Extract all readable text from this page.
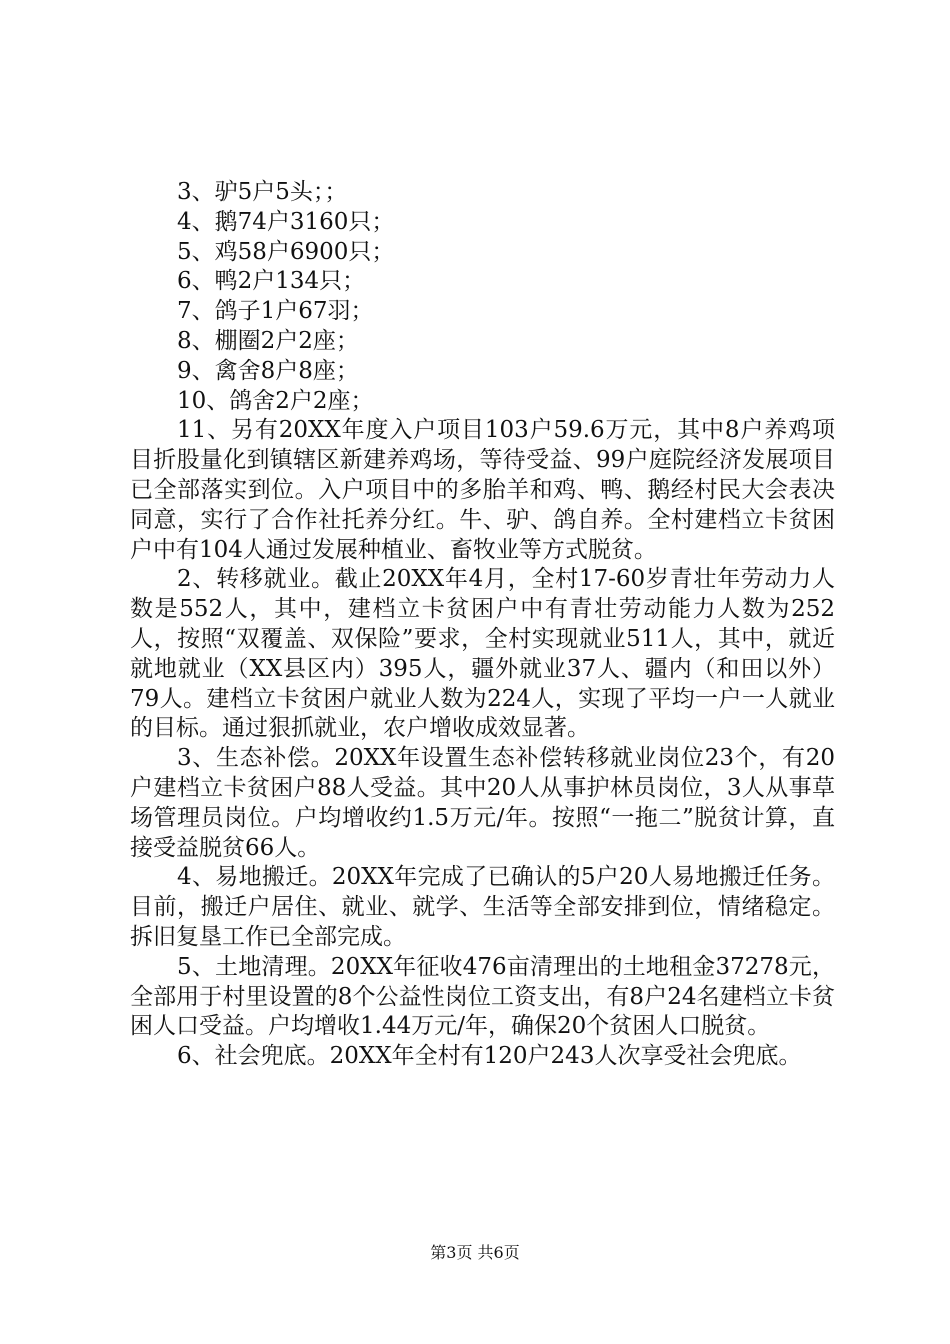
3、驴5户5头；；

4、鹅74户3160只；

5、鸡58户6900只；

6、鸭2户134只；

7、鸽子1户67羽；

8、棚圈2户2座；

9、禽舍8户8座；

10、鸽舍2户2座；

11、另有20XX年度入户项目103户59.6万元，其中8户养鸡项目折股量化到镇辖区新建养鸡场，等待受益、99户庭院经济发展项目已全部落实到位。入户项目中的多胎羊和鸡、鸭、鹅经村民大会表决同意，实行了合作社托养分红。牛、驴、鸽自养。全村建档立卡贫困户中有104人通过发展种植业、畜牧业等方式脱贫。

2、转移就业。截止20XX年4月，全村17-60岁青壮年劳动力人数是552人，其中，建档立卡贫困户中有青壮劳动能力人数为252人，按照“双覆盖、双保险”要求，全村实现就业511人，其中，就近就地就业（XX县区内）395人，疆外就业37人、疆内（和田以外）79人。建档立卡贫困户就业人数为224人，实现了平均一户一人就业的目标。通过狠抓就业，农户增收成效显著。

3、生态补偿。20XX年设置生态补偿转移就业岗位23个，有20户建档立卡贫困户88人受益。其中20人从事护林员岗位，3人从事草场管理员岗位。户均增收约1.5万元/年。按照“一拖二”脱贫计算，直接受益脱贫66人。

4、易地搬迁。20XX年完成了已确认的5户20人易地搬迁任务。目前，搬迁户居住、就业、就学、生活等全部安排到位，情绪稳定。拆旧复垦工作已全部完成。

5、土地清理。20XX年征收476亩清理出的土地租金37278元，全部用于村里设置的8个公益性岗位工资支出，有8户24名建档立卡贫困人口受益。户均增收1.44万元/年，确保20个贫困人口脱贫。

6、社会兜底。20XX年全村有120户243人次享受社会兜底。

第3页 共6页
